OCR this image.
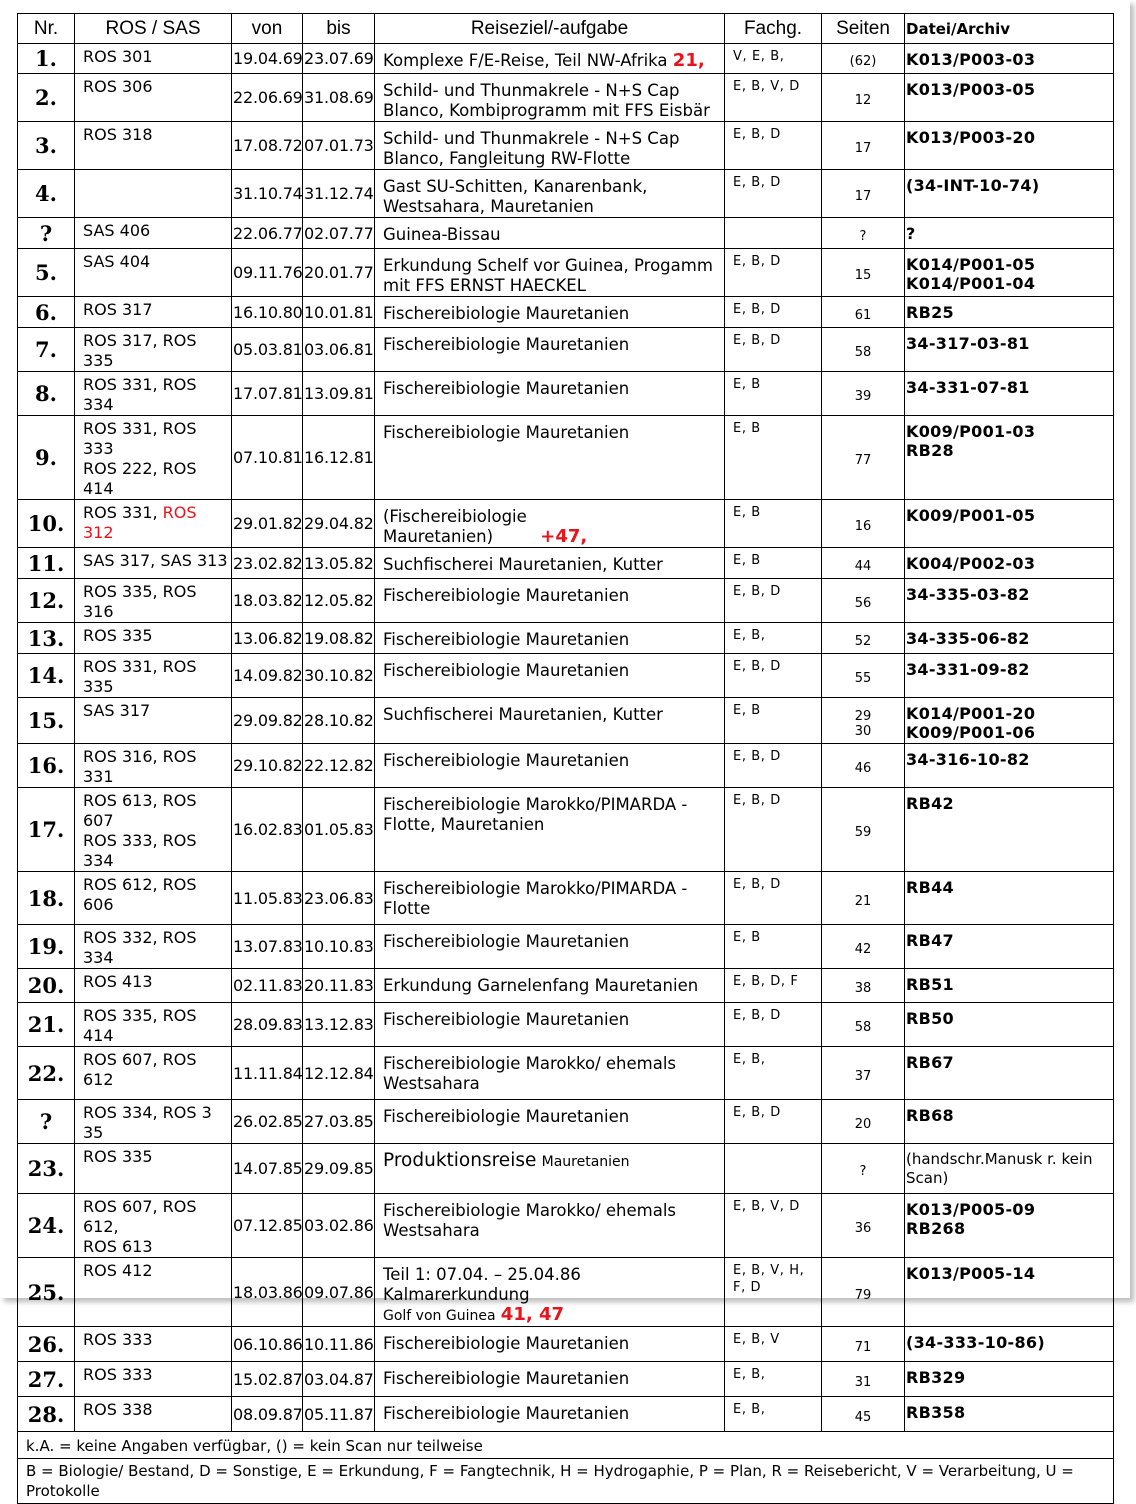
Nr.	ROS / SAS	von	bis	Reiseziel/-aufgabe	Fachg.	Seiten	Datei/Archiv
1.	ROS 301	19.04.69	23.07.69	Komplexe F/E-Reise, Teil NW-Afrika 21,	V, E, B,	(62)	K013/P003-03

2.	ROS 306	22.06.69	31.08.69	Schild- und Thunmakrele - N+S Cap
Blanco, Kombiprogramm mit FFS Eisbär	E, B, V, D	12	K013/P003-05

3.	ROS 318	17.08.72	07.01.73	Schild- und Thunmakrele - N+S Cap
Blanco, Fangleitung RW-Flotte	E, B, D	17	K013/P003-20

4.		31.10.74	31.12.74	Gast SU-Schitten, Kanarenbank,
Westsahara, Mauretanien	E, B, D	17	(34-INT-10-74)

?	SAS 406	22.06.77	02.07.77	Guinea-Bissau		?	?

5.	SAS 404	09.11.76	20.01.77	Erkundung Schelf vor Guinea, Progamm
mit FFS ERNST HAECKEL	E, B, D	15	K014/P001-05
K014/P001-04

6.	ROS 317	16.10.80	10.01.81	Fischereibiologie Mauretanien	E, B, D	61	RB25

7.	ROS 317, ROS 335	05.03.81	03.06.81	Fischereibiologie Mauretanien	E, B, D	58	34-317-03-81

8.	ROS 331, ROS 334	17.07.81	13.09.81	Fischereibiologie Mauretanien	E, B	39	34-331-07-81

9.	ROS 331, ROS 333
ROS 222, ROS 414	07.10.81	16.12.81	Fischereibiologie Mauretanien	E, B	77	K009/P001-03
RB28

10.	ROS 331, ROS 312	29.01.82	29.04.82	(Fischereibiologie Mauretanien) +47,	E, B	16	K009/P001-05

11.	SAS 317, SAS 313	23.02.82	13.05.82	Suchfischerei Mauretanien, Kutter	E, B	44	K004/P002-03

12.	ROS 335, ROS 316	18.03.82	12.05.82	Fischereibiologie Mauretanien	E, B, D	56	34-335-03-82

13.	ROS 335	13.06.82	19.08.82	Fischereibiologie Mauretanien	E, B,	52	34-335-06-82

14.	ROS 331, ROS 335	14.09.82	30.10.82	Fischereibiologie Mauretanien	E, B, D	55	34-331-09-82

15.	SAS 317	29.09.82	28.10.82	Suchfischerei Mauretanien, Kutter	E, B	29
30	K014/P001-20
K009/P001-06

16.	ROS 316, ROS 331	29.10.82	22.12.82	Fischereibiologie Mauretanien	E, B, D	46	34-316-10-82

17.	ROS 613, ROS 607
ROS 333, ROS 334	16.02.83	01.05.83	Fischereibiologie Marokko/PIMARDA -
Flotte, Mauretanien	E, B, D	59	RB42

18.	ROS 612, ROS 606	11.05.83	23.06.83	Fischereibiologie Marokko/PIMARDA -
Flotte	E, B, D	21	RB44

19.	ROS 332, ROS 334	13.07.83	10.10.83	Fischereibiologie Mauretanien	E, B	42	RB47

20.	ROS 413	02.11.83	20.11.83	Erkundung Garnelenfang Mauretanien	E, B, D, F	38	RB51

21.	ROS 335, ROS 414	28.09.83	13.12.83	Fischereibiologie Mauretanien	E, B, D	58	RB50

22.	ROS 607, ROS 612	11.11.84	12.12.84	Fischereibiologie Marokko/ ehemals
Westsahara	E, B,	37	RB67

?	ROS 334, ROS 3 35	26.02.85	27.03.85	Fischereibiologie Mauretanien	E, B, D	20	RB68

23.	ROS 335	14.07.85	29.09.85	Produktionsreise Mauretanien		?	(handschr.Manusk r. kein
Scan)

24.	ROS 607, ROS 612,
ROS 613	07.12.85	03.02.86	Fischereibiologie Marokko/ ehemals
Westsahara	E, B, V, D	36	K013/P005-09
RB268

25.	ROS 412	18.03.86	09.07.86	Teil 1: 07.04. – 25.04.86 Kalmarerkundung
Golf von Guinea 41, 47	E, B, V, H,
F, D	79	K013/P005-14

26.	ROS 333	06.10.86	10.11.86	Fischereibiologie Mauretanien	E, B, V	71	(34-333-10-86)

27.	ROS 333	15.02.87	03.04.87	Fischereibiologie Mauretanien	E, B,	31	RB329

28.	ROS 338	08.09.87	05.11.87	Fischereibiologie Mauretanien	E, B,	45	RB358

k.A. = keine Angaben verfügbar, () = kein Scan nur teilweise							
B = Biologie/ Bestand, D = Sonstige, E = Erkundung, F = Fangtechnik, H = Hydrogaphie, P = Plan, R = Reisebericht, V = Verarbeitung, U = Protokolle							
